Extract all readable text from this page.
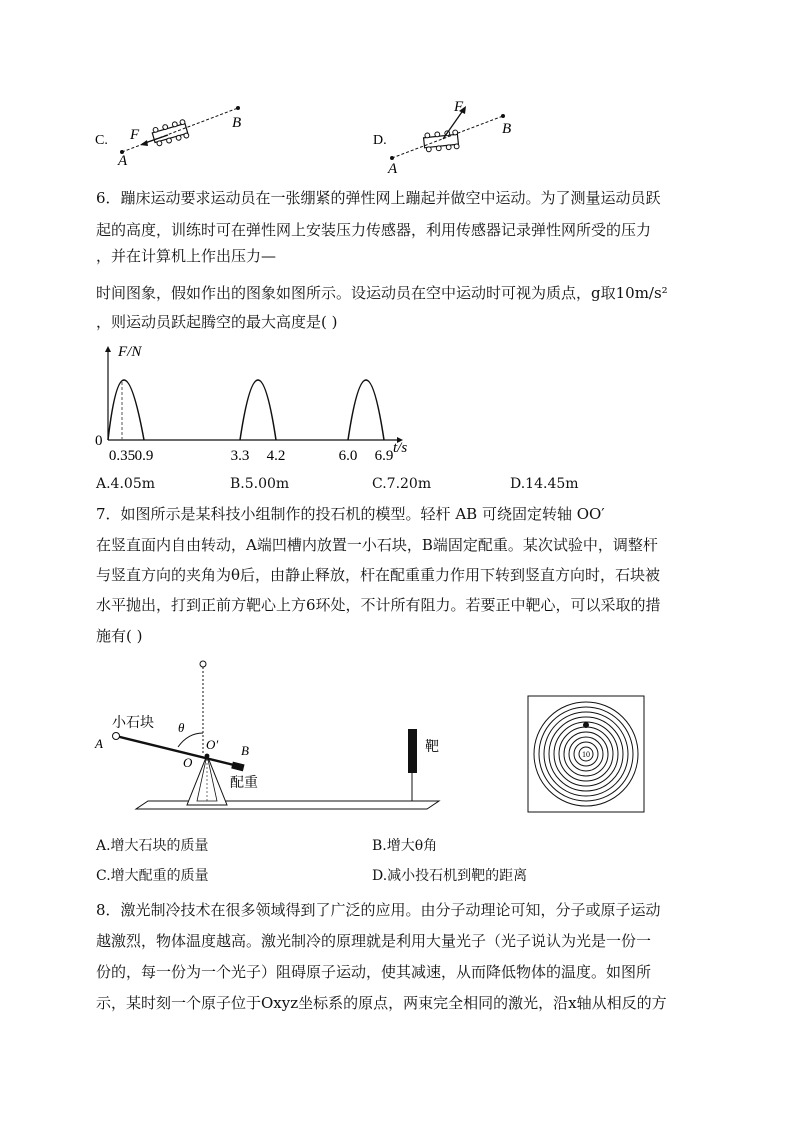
C. F
A
B
D.
F
A
B
6．蹦床运动要求运动员在一张绷紧的弹性网上蹦起并做空中运动。为了测量运动员跃
起的高度，训练时可在弹性网上安装压力传感器，利用传感器记录弹性网所受的压力
，并在计算机上作出压力—
时间图象，假如作出的图象如图所示。设运动员在空中运动时可视为质点，g取10m/s²
，则运动员跃起腾空的最大高度是( )
F/N
t/s
0
0.35 0.9	3.3 4.2	6.0 6.9
A.4.05m	B.5.00m	C.7.20m	D.14.45m
7．如图所示是某科技小组制作的投石机的模型。轻杆 AB 可绕固定转轴 OO′
在竖直面内自由转动，A端凹槽内放置一小石块，B端固定配重。某次试验中，调整杆
与竖直方向的夹角为θ后，由静止释放，杆在配重重力作用下转到竖直方向时，石块被
水平抛出，打到正前方靶心上方6环处，不计所有阻力。若要正中靶心，可以采取的措
施有( )
小石块 θ
A	B
O
O′
配重
靶	10
A.增大石块的质量	B.增大θ角
C.增大配重的质量	D.减小投石机到靶的距离
8．激光制冷技术在很多领域得到了广泛的应用。由分子动理论可知，分子或原子运动
越激烈，物体温度越高。激光制冷的原理就是利用大量光子（光子说认为光是一份一
份的，每一份为一个光子）阻碍原子运动，使其减速，从而降低物体的温度。如图所
示，某时刻一个原子位于Oxyz坐标系的原点，两束完全相同的激光，沿x轴从相反的方
